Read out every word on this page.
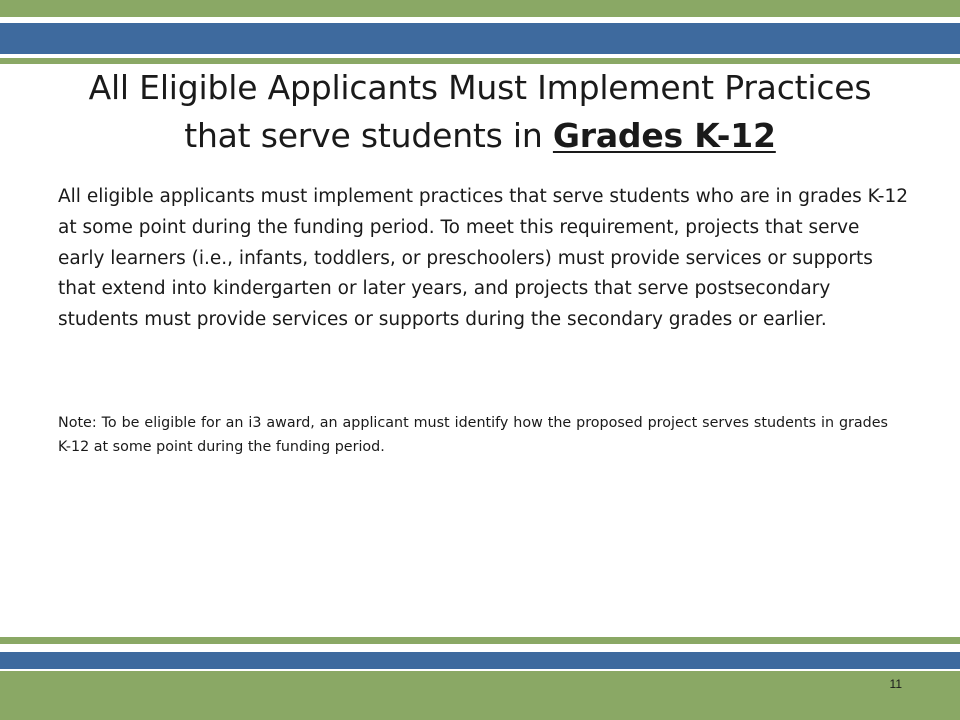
All Eligible Applicants Must Implement Practices
that serve students in Grades K-12

All eligible applicants must implement practices that serve students who are in grades K-12 at some point during the funding period. To meet this requirement, projects that serve early learners (i.e., infants, toddlers, or preschoolers) must provide services or supports that extend into kindergarten or later years, and projects that serve postsecondary students must provide services or supports during the secondary grades or earlier.

Note: To be eligible for an i3 award, an applicant must identify how the proposed project serves students in grades K-12 at some point during the funding period.

11
